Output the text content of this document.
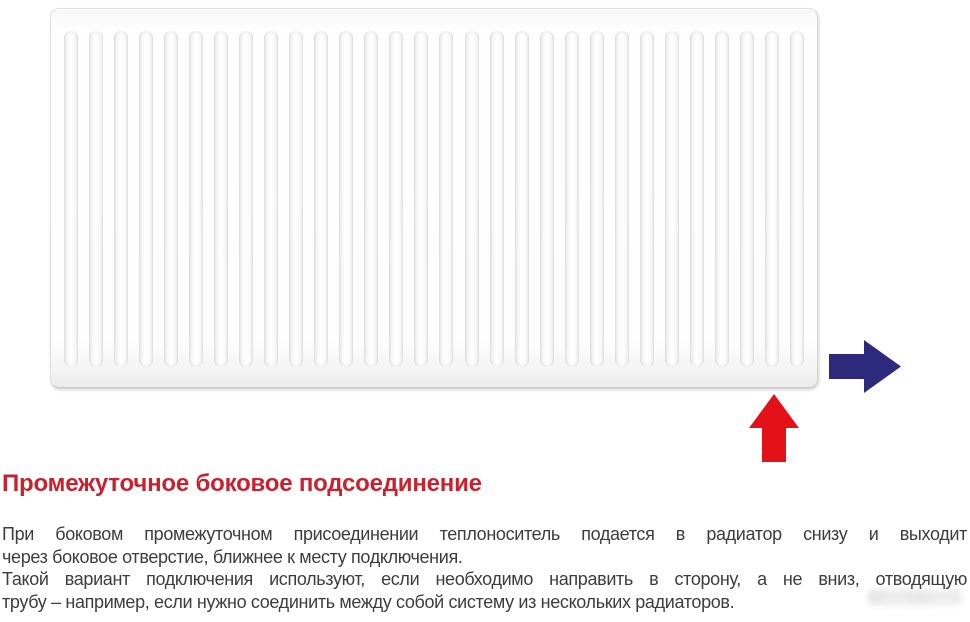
Промежуточное боковое подсоединение
При боковом промежуточном присоединении теплоноситель подается в радиатор снизу и выходит
через боковое отверстие, ближнее к месту подключения.
Такой вариант подключения используют, если необходимо направить в сторону, а не вниз, отводящую
трубу – например, если нужно соединить между собой систему из нескольких радиаторов.
